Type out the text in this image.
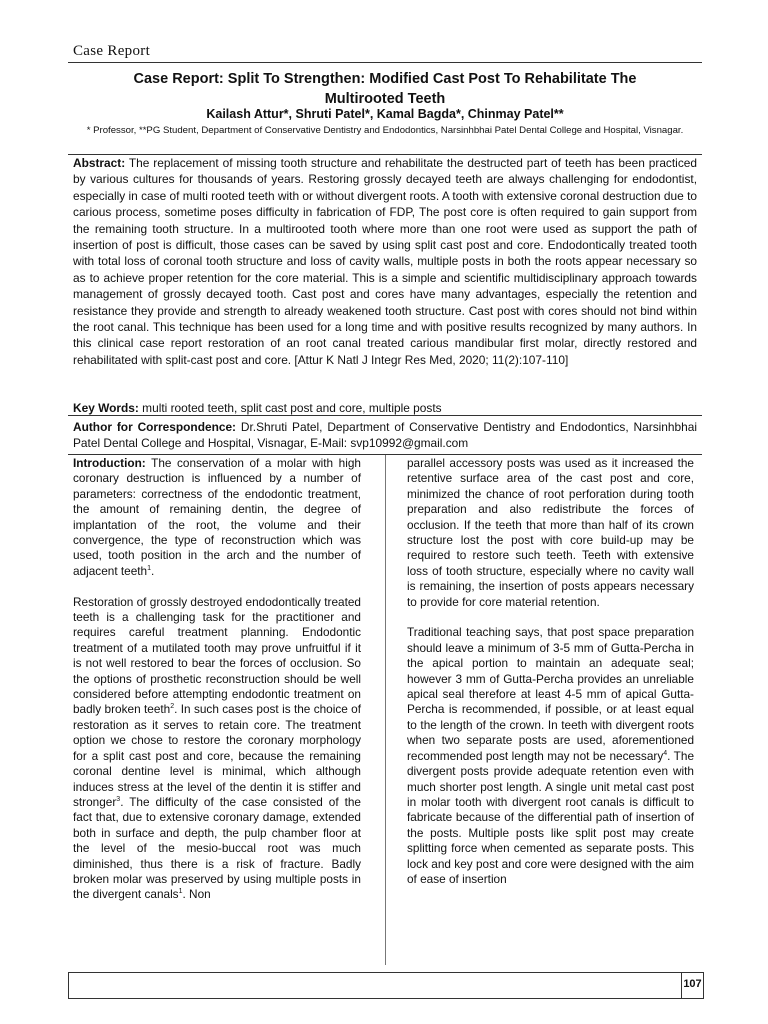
Case Report
Case Report: Split To Strengthen: Modified Cast Post To Rehabilitate The
Multirooted Teeth
Kailash Attur*, Shruti Patel*, Kamal Bagda*, Chinmay Patel**
* Professor, **PG Student, Department of Conservative Dentistry and Endodontics, Narsinhbhai Patel Dental College and Hospital, Visnagar.
Abstract: The replacement of missing tooth structure and rehabilitate the destructed part of teeth has been practiced by various cultures for thousands of years. Restoring grossly decayed teeth are always challenging for endodontist, especially in case of multi rooted teeth with or without divergent roots. A tooth with extensive coronal destruction due to carious process, sometime poses difficulty in fabrication of FDP, The post core is often required to gain support from the remaining tooth structure. In a multirooted tooth where more than one root were used as support the path of insertion of post is difficult, those cases can be saved by using split cast post and core. Endodontically treated tooth with total loss of coronal tooth structure and loss of cavity walls, multiple posts in both the roots appear necessary so as to achieve proper retention for the core material. This is a simple and scientific multidisciplinary approach towards management of grossly decayed tooth. Cast post and cores have many advantages, especially the retention and resistance they provide and strength to already weakened tooth structure. Cast post with cores should not bind within the root canal. This technique has been used for a long time and with positive results recognized by many authors. In this clinical case report restoration of an root canal treated carious mandibular first molar, directly restored and rehabilitated with split-cast post and core. [Attur K Natl J Integr Res Med, 2020; 11(2):107-110]
Key Words: multi rooted teeth, split cast post and core, multiple posts
Author for Correspondence: Dr.Shruti Patel, Department of Conservative Dentistry and Endodontics, Narsinhbhai Patel Dental College and Hospital, Visnagar, E-Mail: svp10992@gmail.com

Introduction: The conservation of a molar with high coronary destruction is influenced by a number of parameters: correctness of the endodontic treatment, the amount of remaining dentin, the degree of implantation of the root, the volume and their convergence, the type of reconstruction which was used, tooth position in the arch and the number of adjacent teeth$^1$.

Restoration of grossly destroyed endodontically treated teeth is a challenging task for the practitioner and requires careful treatment planning. Endodontic treatment of a mutilated tooth may prove unfruitful if it is not well restored to bear the forces of occlusion. So the options of prosthetic reconstruction should be well considered before attempting endodontic treatment on badly broken teeth$^2$. In such cases post is the choice of restoration as it serves to retain core. The treatment option we chose to restore the coronary morphology for a split cast post and core, because the remaining coronal dentine level is minimal, which although induces stress at the level of the dentin it is stiffer and stronger$^3$. The difficulty of the case consisted of the fact that, due to extensive coronary damage, extended both in surface and depth, the pulp chamber floor at the level of the mesio-buccal root was much diminished, thus there is a risk of fracture. Badly broken molar was preserved by using multiple posts in the divergent canals$^1$. Non

parallel accessory posts was used as it increased the retentive surface area of the cast post and core, minimized the chance of root perforation during tooth preparation and also redistribute the forces of occlusion. If the teeth that more than half of its crown structure lost the post with core build-up may be required to restore such teeth. Teeth with extensive loss of tooth structure, especially where no cavity wall is remaining, the insertion of posts appears necessary to provide for core material retention.

Traditional teaching says, that post space preparation should leave a minimum of 3-5 mm of Gutta-Percha in the apical portion to maintain an adequate seal; however 3 mm of Gutta-Percha provides an unreliable apical seal therefore at least 4-5 mm of apical Gutta-Percha is recommended, if possible, or at least equal to the length of the crown. In teeth with divergent roots when two separate posts are used, aforementioned recommended post length may not be necessary$^4$. The divergent posts provide adequate retention even with much shorter post length. A single unit metal cast post in molar tooth with divergent root canals is difficult to fabricate because of the differential path of insertion of the posts. Multiple posts like split post may create splitting force when cemented as separate posts. This lock and key post and core were designed with the aim of ease of insertion

107
